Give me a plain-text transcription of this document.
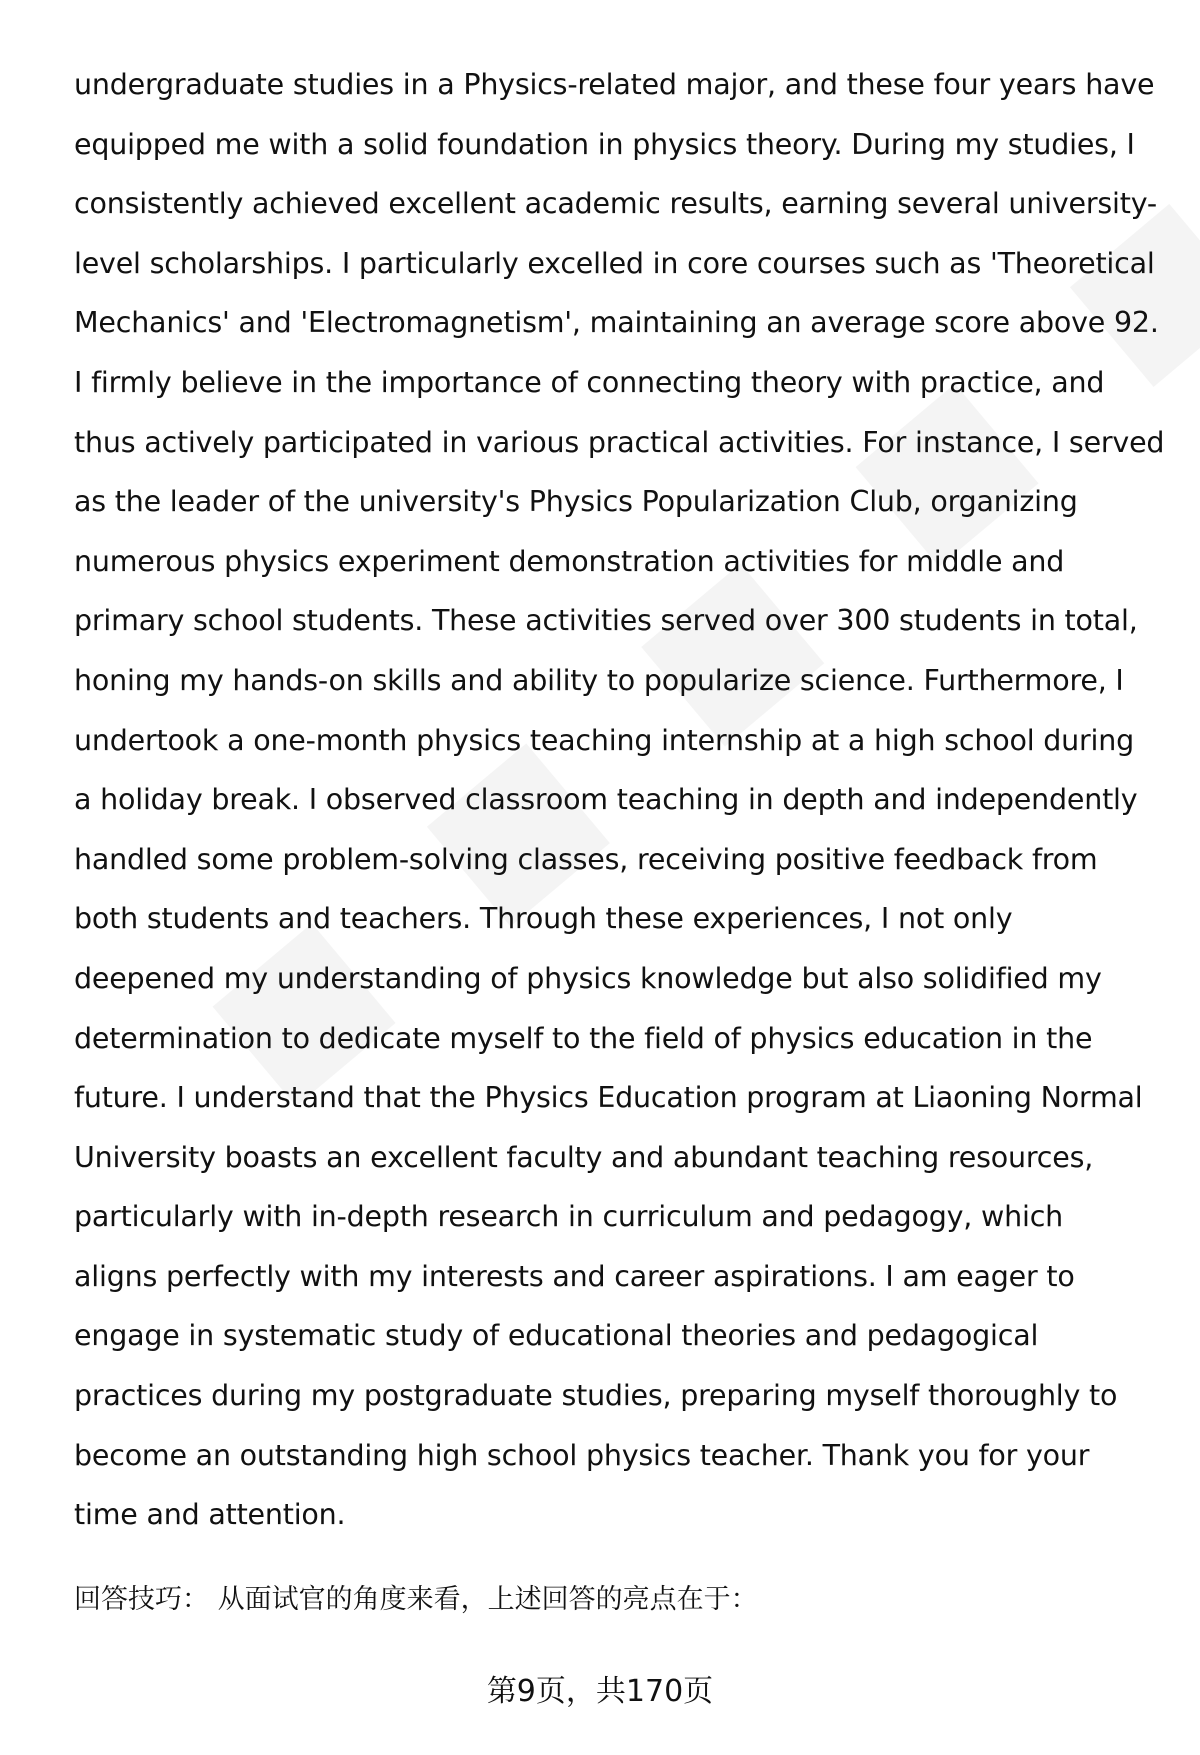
undergraduate studies in a Physics-related major, and these four years have
equipped me with a solid foundation in physics theory. During my studies, I
consistently achieved excellent academic results, earning several university-
level scholarships. I particularly excelled in core courses such as 'Theoretical
Mechanics' and 'Electromagnetism', maintaining an average score above 92.
I firmly believe in the importance of connecting theory with practice, and
thus actively participated in various practical activities. For instance, I served
as the leader of the university's Physics Popularization Club, organizing
numerous physics experiment demonstration activities for middle and
primary school students. These activities served over 300 students in total,
honing my hands-on skills and ability to popularize science. Furthermore, I
undertook a one-month physics teaching internship at a high school during
a holiday break. I observed classroom teaching in depth and independently
handled some problem-solving classes, receiving positive feedback from
both students and teachers. Through these experiences, I not only
deepened my understanding of physics knowledge but also solidified my
determination to dedicate myself to the field of physics education in the
future. I understand that the Physics Education program at Liaoning Normal
University boasts an excellent faculty and abundant teaching resources,
particularly with in-depth research in curriculum and pedagogy, which
aligns perfectly with my interests and career aspirations. I am eager to
engage in systematic study of educational theories and pedagogical
practices during my postgraduate studies, preparing myself thoroughly to
become an outstanding high school physics teacher. Thank you for your
time and attention.
回答技巧： 从面试官的角度来看，上述回答的亮点在于：
第9页，共170页
